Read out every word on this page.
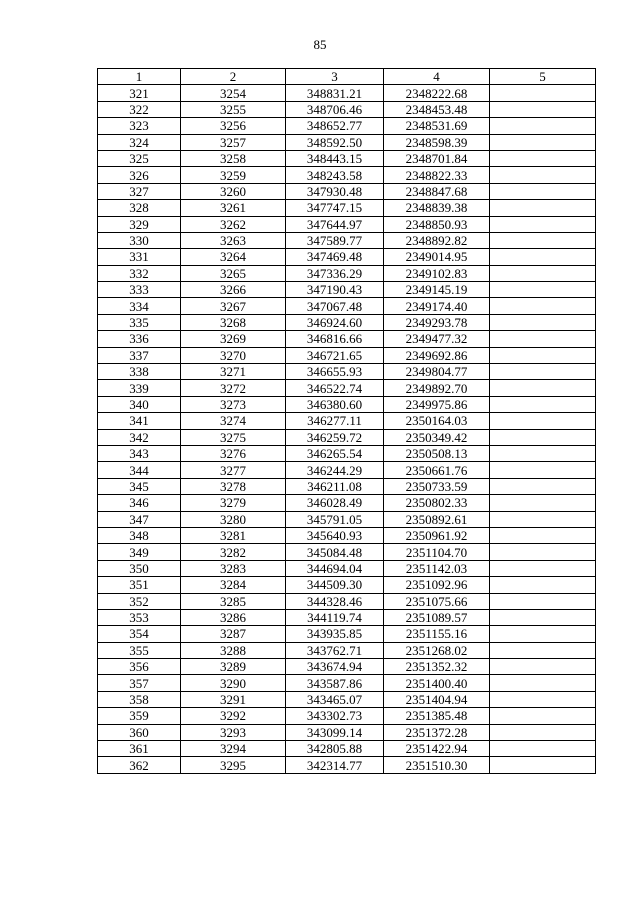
85
1	2	3	4	5
321	3254	348831.21	2348222.68	
322	3255	348706.46	2348453.48	
323	3256	348652.77	2348531.69	
324	3257	348592.50	2348598.39	
325	3258	348443.15	2348701.84	
326	3259	348243.58	2348822.33	
327	3260	347930.48	2348847.68	
328	3261	347747.15	2348839.38	
329	3262	347644.97	2348850.93	
330	3263	347589.77	2348892.82	
331	3264	347469.48	2349014.95	
332	3265	347336.29	2349102.83	
333	3266	347190.43	2349145.19	
334	3267	347067.48	2349174.40	
335	3268	346924.60	2349293.78	
336	3269	346816.66	2349477.32	
337	3270	346721.65	2349692.86	
338	3271	346655.93	2349804.77	
339	3272	346522.74	2349892.70	
340	3273	346380.60	2349975.86	
341	3274	346277.11	2350164.03	
342	3275	346259.72	2350349.42	
343	3276	346265.54	2350508.13	
344	3277	346244.29	2350661.76	
345	3278	346211.08	2350733.59	
346	3279	346028.49	2350802.33	
347	3280	345791.05	2350892.61	
348	3281	345640.93	2350961.92	
349	3282	345084.48	2351104.70	
350	3283	344694.04	2351142.03	
351	3284	344509.30	2351092.96	
352	3285	344328.46	2351075.66	
353	3286	344119.74	2351089.57	
354	3287	343935.85	2351155.16	
355	3288	343762.71	2351268.02	
356	3289	343674.94	2351352.32	
357	3290	343587.86	2351400.40	
358	3291	343465.07	2351404.94	
359	3292	343302.73	2351385.48	
360	3293	343099.14	2351372.28	
361	3294	342805.88	2351422.94	
362	3295	342314.77	2351510.30	
